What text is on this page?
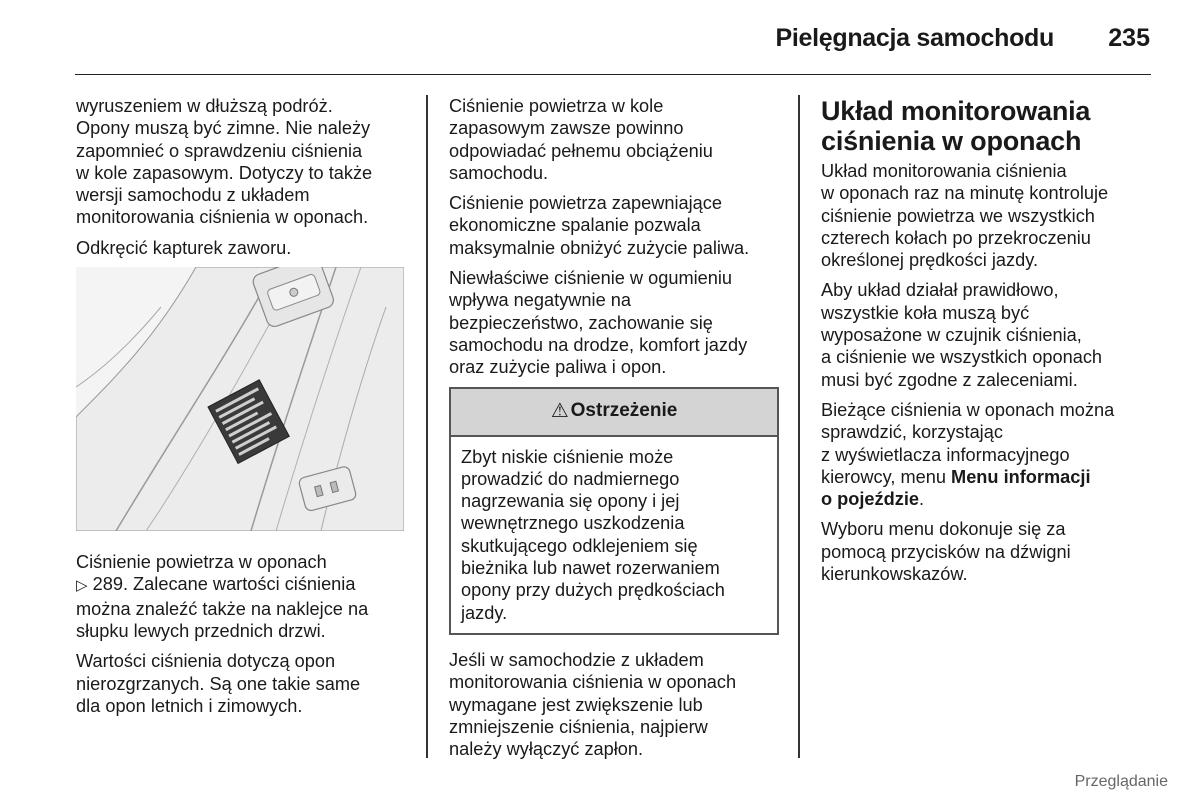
Pielęgnacja samochodu	235

wyruszeniem w dłuższą podróż.
Opony muszą być zimne. Nie należy
zapomnieć o sprawdzeniu ciśnienia
w kole zapasowym. Dotyczy to także
wersji samochodu z układem
monitorowania ciśnienia w oponach.

Odkręcić kapturek zaworu.

Ciśnienie powietrza w oponach
▷ 289. Zalecane wartości ciśnienia
można znaleźć także na naklejce na
słupku lewych przednich drzwi.

Wartości ciśnienia dotyczą opon
nierozgrzanych. Są one takie same
dla opon letnich i zimowych.

Ciśnienie powietrza w kole
zapasowym zawsze powinno
odpowiadać pełnemu obciążeniu
samochodu.

Ciśnienie powietrza zapewniające
ekonomiczne spalanie pozwala
maksymalnie obniżyć zużycie paliwa.

Niewłaściwe ciśnienie w ogumieniu
wpływa negatywnie na
bezpieczeństwo, zachowanie się
samochodu na drodze, komfort jazdy
oraz zużycie paliwa i opon.

⚠ Ostrzeżenie
Zbyt niskie ciśnienie może
prowadzić do nadmiernego
nagrzewania się opony i jej
wewnętrznego uszkodzenia
skutkującego odklejeniem się
bieżnika lub nawet rozerwaniem
opony przy dużych prędkościach
jazdy.

Jeśli w samochodzie z układem
monitorowania ciśnienia w oponach
wymagane jest zwiększenie lub
zmniejszenie ciśnienia, najpierw
należy wyłączyć zapłon.

Układ monitorowania
ciśnienia w oponach

Układ monitorowania ciśnienia
w oponach raz na minutę kontroluje
ciśnienie powietrza we wszystkich
czterech kołach po przekroczeniu
określonej prędkości jazdy.

Aby układ działał prawidłowo,
wszystkie koła muszą być
wyposażone w czujnik ciśnienia,
a ciśnienie we wszystkich oponach
musi być zgodne z zaleceniami.

Bieżące ciśnienia w oponach można
sprawdzić, korzystając
z wyświetlacza informacyjnego
kierowcy, menu Menu informacji
o pojeździe.

Wyboru menu dokonuje się za
pomocą przycisków na dźwigni
kierunkowskazów.

Przeglądanie
